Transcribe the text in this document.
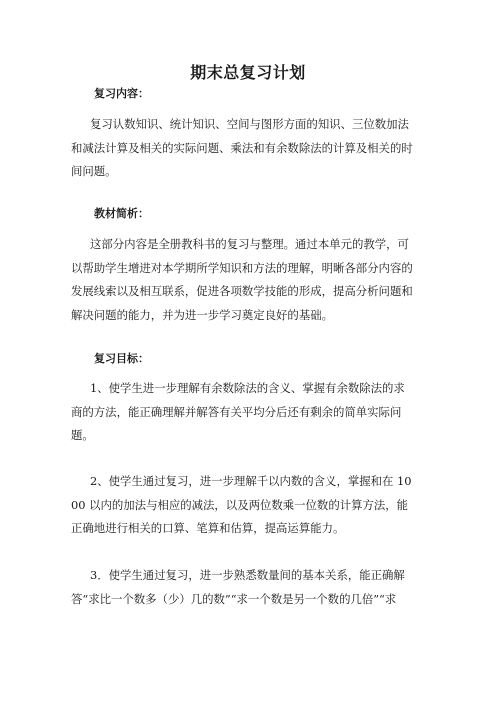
期末总复习计划
复习内容：
复习认数知识、统计知识、空间与图形方面的知识、三位数加法
和减法计算及相关的实际问题、乘法和有余数除法的计算及相关的时
间问题。
教材简析：
这部分内容是全册教科书的复习与整理。通过本单元的教学，可
以帮助学生增进对本学期所学知识和方法的理解，明晰各部分内容的
发展线索以及相互联系，促进各项数学技能的形成，提高分析问题和
解决问题的能力，并为进一步学习奠定良好的基础。
复习目标：
1、使学生进一步理解有余数除法的含义、掌握有余数除法的求
商的方法，能正确理解并解答有关平均分后还有剩余的简单实际问
题。
2、使学生通过复习，进一步理解千以内数的含义，掌握和在 10
00 以内的加法与相应的减法，以及两位数乘一位数的计算方法，能
正确地进行相关的口算、笔算和估算，提高运算能力。
3．使学生通过复习，进一步熟悉数量间的基本关系，能正确解
答“求比一个数多（少）几的数”“求一个数是另一个数的几倍”“求
